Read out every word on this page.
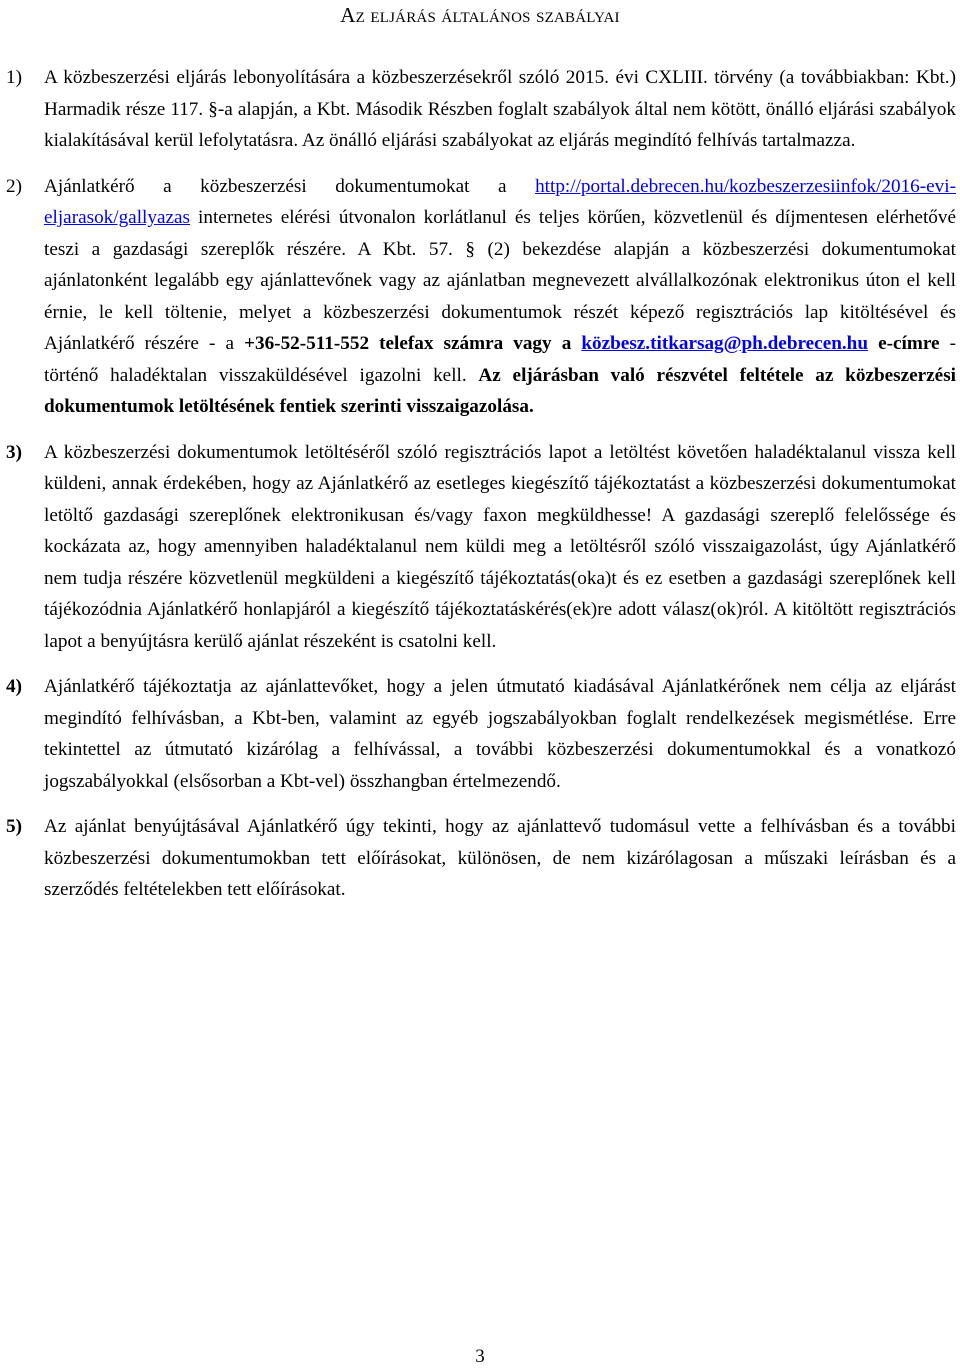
Az eljárás általános szabályai
1) A közbeszerzési eljárás lebonyolítására a közbeszerzésekről szóló 2015. évi CXLIII. törvény (a továbbiakban: Kbt.) Harmadik része 117. §-a alapján, a Kbt. Második Részben foglalt szabályok által nem kötött, önálló eljárási szabályok kialakításával kerül lefolytatásra. Az önálló eljárási szabályokat az eljárás megindító felhívás tartalmazza.
2) Ajánlatkérő a közbeszerzési dokumentumokat a http://portal.debrecen.hu/kozbeszerzesiinfok/2016-evi-eljarasok/gallyazas internetes elérési útvonalon korlátlanul és teljes körűen, közvetlenül és díjmentesen elérhetővé teszi a gazdasági szereplők részére. A Kbt. 57. § (2) bekezdése alapján a közbeszerzési dokumentumokat ajánlatonként legalább egy ajánlattevőnek vagy az ajánlatban megnevezett alvállalkozónak elektronikus úton el kell érnie, le kell töltenie, melyet a közbeszerzési dokumentumok részét képező regisztrációs lap kitöltésével és Ajánlatkérő részére - a +36-52-511-552 telefax számra vagy a közbesz.titkarsag@ph.debrecen.hu e-címre - történő haladéktalan visszaküldésével igazolni kell. Az eljárásban való részvétel feltétele az közbeszerzési dokumentumok letöltésének fentiek szerinti visszaigazolása.
3) A közbeszerzési dokumentumok letöltéséről szóló regisztrációs lapot a letöltést követően haladéktalanul vissza kell küldeni, annak érdekében, hogy az Ajánlatkérő az esetleges kiegészítő tájékoztatást a közbeszerzési dokumentumokat letöltő gazdasági szereplőnek elektronikusan és/vagy faxon megküldhesse! A gazdasági szereplő felelőssége és kockázata az, hogy amennyiben haladéktalanul nem küldi meg a letöltésről szóló visszaigazolást, úgy Ajánlatkérő nem tudja részére közvetlenül megküldeni a kiegészítő tájékoztatás(oka)t és ez esetben a gazdasági szereplőnek kell tájékozódnia Ajánlatkérő honlapjáról a kiegészítő tájékoztatáskérés(ek)re adott válasz(ok)ról. A kitöltött regisztrációs lapot a benyújtásra kerülő ajánlat részeként is csatolni kell.
4) Ajánlatkérő tájékoztatja az ajánlattevőket, hogy a jelen útmutató kiadásával Ajánlatkérőnek nem célja az eljárást megindító felhívásban, a Kbt-ben, valamint az egyéb jogszabályokban foglalt rendelkezések megismétlése. Erre tekintettel az útmutató kizárólag a felhívással, a további közbeszerzési dokumentumokkal és a vonatkozó jogszabályokkal (elsősorban a Kbt-vel) összhangban értelmezendő.
5) Az ajánlat benyújtásával Ajánlatkérő úgy tekinti, hogy az ajánlattevő tudomásul vette a felhívásban és a további közbeszerzési dokumentumokban tett előírásokat, különösen, de nem kizárólagosan a műszaki leírásban és a szerződés feltételekben tett előírásokat.
3
